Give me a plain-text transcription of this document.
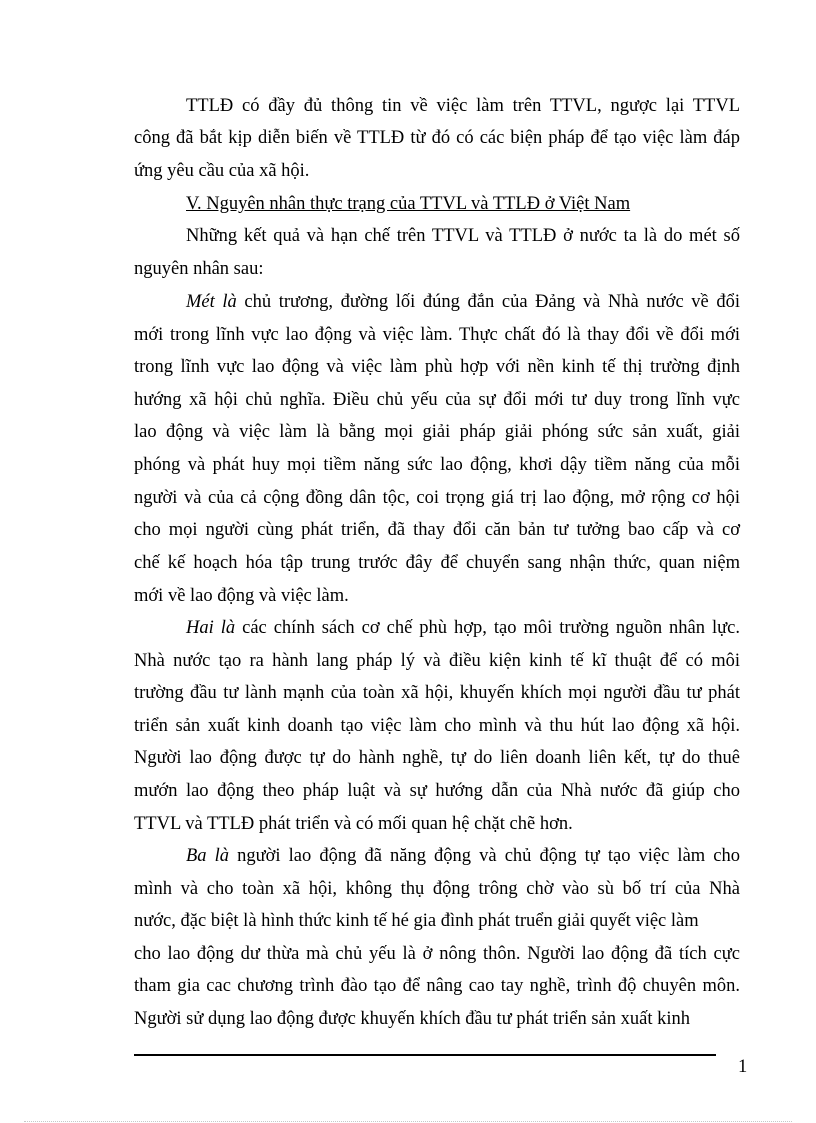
TTLĐ có đầy đủ thông tin về việc làm trên TTVL, ngược lại TTVL
công đã bắt kịp diễn biến về TTLĐ từ đó có các biện pháp để tạo việc làm đáp
ứng yêu cầu của xã hội.
V. Nguyên nhân thực trạng của TTVL và TTLĐ ở Việt Nam
Những kết quả và hạn chế trên TTVL và TTLĐ ở nước ta là do mét số
nguyên nhân sau:
Mét là chủ trương, đường lối đúng đắn của Đảng và Nhà nước về đổi
mới trong lĩnh vực lao động và việc làm. Thực chất đó là thay đổi về đổi mới
trong lĩnh vực lao động và việc làm phù hợp với nền kinh tế thị trường định
hướng xã hội chủ nghĩa. Điều chủ yếu của sự đổi mới tư duy trong lĩnh vực
lao động và việc làm là bằng mọi giải pháp giải phóng sức sản xuất, giải
phóng và phát huy mọi tiềm năng sức lao động, khơi dậy tiềm năng của mỗi
người và của cả cộng đồng dân tộc, coi trọng giá trị lao động, mở rộng cơ hội
cho mọi người cùng phát triển, đã thay đổi căn bản tư tưởng bao cấp và cơ
chế kế hoạch hóa tập trung trước đây để chuyển sang nhận thức, quan niệm
mới về lao động và việc làm.
Hai là các chính sách cơ chế phù hợp, tạo môi trường nguồn nhân lực.
Nhà nước tạo ra hành lang pháp lý và điều kiện kinh tế kĩ thuật để có môi
trường đầu tư lành mạnh của toàn xã hội, khuyến khích mọi người đầu tư phát
triển sản xuất kinh doanh tạo việc làm cho mình và thu hút lao động xã hội.
Người lao động được tự do hành nghề, tự do liên doanh liên kết, tự do thuê
mướn lao động theo pháp luật và sự hướng dẫn của Nhà nước đã giúp cho
TTVL và TTLĐ phát triển và có mối quan hệ chặt chẽ hơn.
Ba là người lao động đã năng động và chủ động tự tạo việc làm cho
mình và cho toàn xã hội, không thụ động trông chờ vào sù bố trí của Nhà
nước, đặc biệt là hình thức kinh tế hé gia đình phát truển giải quyết việc làm
cho lao động dư thừa mà chủ yếu là ở nông thôn. Người lao động đã tích cực
tham gia cac chương trình đào tạo để nâng cao tay nghề, trình độ chuyên môn.
Người sử dụng lao động được khuyến khích đầu tư phát triển sản xuất kinh
1
